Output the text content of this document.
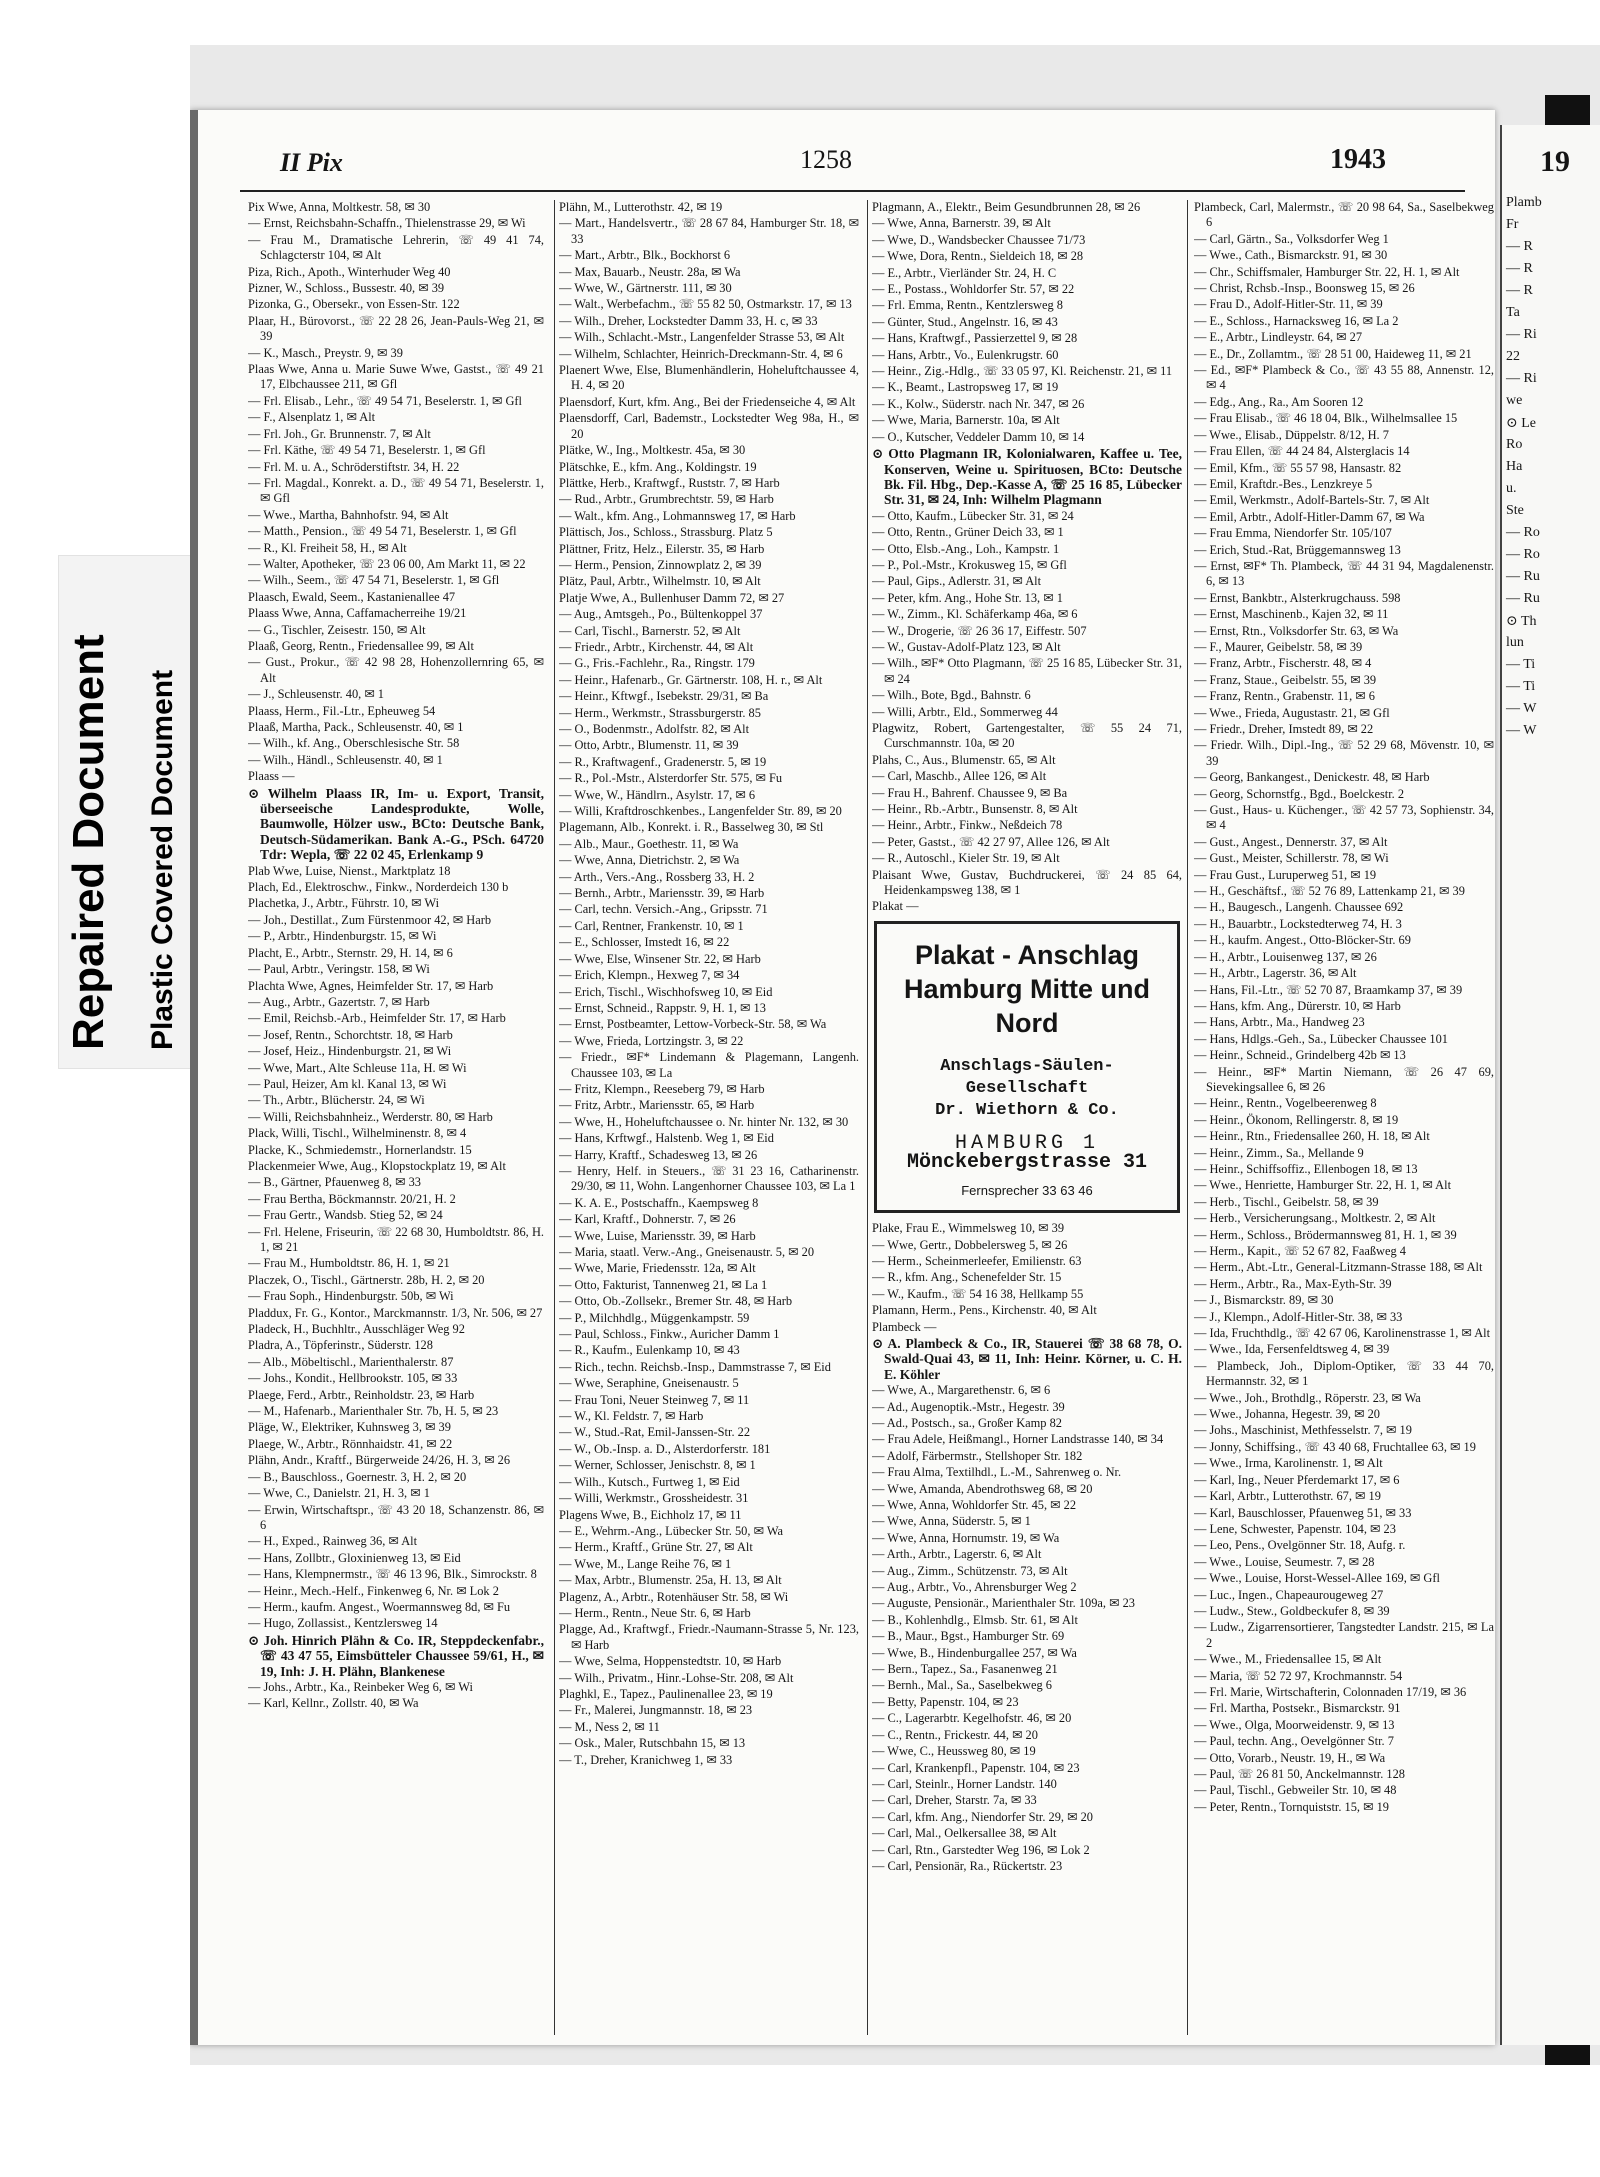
Repaired Document Plastic Covered Document
19
Plamb
Fr
— R
— R
— R
Ta
— Ri
22
— Ri
we
⊙ Le
Ro
Ha
u.
Ste
— Ro
— Ro
— Ru
— Ru
⊙ Th
lun
— Ti
— Ti
— W
— W
II Pix	1258	1943
Pix Wwe, Anna, Moltkestr. 58, ✉ 30
— Ernst, Reichsbahn-Schaffn., Thielenstrasse 29, ✉ Wi
— Frau M., Dramatische Lehrerin, ☏ 49 41 74, Schlagcterstr 104, ✉ Alt
Piza, Rich., Apoth., Winterhuder Weg 40
Pizner, W., Schloss., Bussestr. 40, ✉ 39
Pizonka, G., Obersekr., von Essen-Str. 122
Plaar, H., Bürovorst., ☏ 22 28 26, Jean-Pauls-Weg 21, ✉ 39
— K., Masch., Preystr. 9, ✉ 39
Plaas Wwe, Anna u. Marie Suwe Wwe, Gastst., ☏ 49 21 17, Elbchaussee 211, ✉ Gfl
— Frl. Elisab., Lehr., ☏ 49 54 71, Beselerstr. 1, ✉ Gfl
— F., Alsenplatz 1, ✉ Alt
— Frl. Joh., Gr. Brunnenstr. 7, ✉ Alt
— Frl. Käthe, ☏ 49 54 71, Beselerstr. 1, ✉ Gfl
— Frl. M. u. A., Schröderstiftstr. 34, H. 22
— Frl. Magdal., Konrekt. a. D., ☏ 49 54 71, Beselerstr. 1, ✉ Gfl
— Wwe., Martha, Bahnhofstr. 94, ✉ Alt
— Matth., Pension., ☏ 49 54 71, Beselerstr. 1, ✉ Gfl
— R., Kl. Freiheit 58, H., ✉ Alt
— Walter, Apotheker, ☏ 23 06 00, Am Markt 11, ✉ 22
— Wilh., Seem., ☏ 47 54 71, Beselerstr. 1, ✉ Gfl
Plaasch, Ewald, Seem., Kastanienallee 47
Plaass Wwe, Anna, Caffamacherreihe 19/21
— G., Tischler, Zeisestr. 150, ✉ Alt
Plaaß, Georg, Rentn., Friedensallee 99, ✉ Alt
— Gust., Prokur., ☏ 42 98 28, Hohenzollernring 65, ✉ Alt
— J., Schleusenstr. 40, ✉ 1
Plaass, Herm., Fil.-Ltr., Epheuweg 54
Plaaß, Martha, Pack., Schleusenstr. 40, ✉ 1
— Wilh., kf. Ang., Oberschlesische Str. 58
— Wilh., Händl., Schleusenstr. 40, ✉ 1
Plaass —
⊙ Wilhelm Plaass IR, Im- u. Export, Transit, überseeische Landesprodukte, Wolle, Baumwolle, Hölzer usw., BCto: Deutsche Bank, Deutsch-Südamerikan. Bank A.-G., PSch. 64720 Tdr: Wepla, ☏ 22 02 45, Erlenkamp 9
Plab Wwe, Luise, Nienst., Marktplatz 18
Plach, Ed., Elektroschw., Finkw., Norderdeich 130 b
Plachetka, J., Arbtr., Führstr. 10, ✉ Wi
— Joh., Destillat., Zum Fürstenmoor 42, ✉ Harb
— P., Arbtr., Hindenburgstr. 15, ✉ Wi
Placht, E., Arbtr., Sternstr. 29, H. 14, ✉ 6
— Paul, Arbtr., Veringstr. 158, ✉ Wi
Plachta Wwe, Agnes, Heimfelder Str. 17, ✉ Harb
— Aug., Arbtr., Gazertstr. 7, ✉ Harb
— Emil, Reichsb.-Arb., Heimfelder Str. 17, ✉ Harb
— Josef, Rentn., Schorchtstr. 18, ✉ Harb
— Josef, Heiz., Hindenburgstr. 21, ✉ Wi
— Wwe, Mart., Alte Schleuse 11a, H. ✉ Wi
— Paul, Heizer, Am kl. Kanal 13, ✉ Wi
— Th., Arbtr., Blücherstr. 24, ✉ Wi
— Willi, Reichsbahnheiz., Werderstr. 80, ✉ Harb
Plack, Willi, Tischl., Wilhelminenstr. 8, ✉ 4
Placke, K., Schmiedemstr., Hornerlandstr. 15
Plackenmeier Wwe, Aug., Klopstockplatz 19, ✉ Alt
— B., Gärtner, Pfauenweg 8, ✉ 33
— Frau Bertha, Böckmannstr. 20/21, H. 2
— Frau Gertr., Wandsb. Stieg 52, ✉ 24
— Frl. Helene, Friseurin, ☏ 22 68 30, Humboldtstr. 86, H. 1, ✉ 21
— Frau M., Humboldtstr. 86, H. 1, ✉ 21
Placzek, O., Tischl., Gärtnerstr. 28b, H. 2, ✉ 20
— Frau Soph., Hindenburgstr. 50b, ✉ Wi
Pladdux, Fr. G., Kontor., Marckmannstr. 1/3, Nr. 506, ✉ 27
Pladeck, H., Buchhltr., Ausschläger Weg 92
Pladra, A., Töpferinstr., Süderstr. 128
— Alb., Möbeltischl., Marienthalerstr. 87
— Johs., Kondit., Hellbrookstr. 105, ✉ 33
Plaege, Ferd., Arbtr., Reinholdstr. 23, ✉ Harb
— M., Hafenarb., Marienthaler Str. 7b, H. 5, ✉ 23
Pläge, W., Elektriker, Kuhnsweg 3, ✉ 39
Plaege, W., Arbtr., Rönnhaidstr. 41, ✉ 22
Plähn, Andr., Kraftf., Bürgerweide 24/26, H. 3, ✉ 26
— B., Bauschloss., Goernestr. 3, H. 2, ✉ 20
— Wwe, C., Danielstr. 21, H. 3, ✉ 1
— Erwin, Wirtschaftspr., ☏ 43 20 18, Schanzenstr. 86, ✉ 6
— H., Exped., Rainweg 36, ✉ Alt
— Hans, Zollbtr., Gloxinienweg 13, ✉ Eid
— Hans, Klempnermstr., ☏ 46 13 96, Blk., Simrockstr. 8
— Heinr., Mech.-Helf., Finkenweg 6, Nr. ✉ Lok 2
— Herm., kaufm. Angest., Woermannsweg 8d, ✉ Fu
— Hugo, Zollassist., Kentzlersweg 14
⊙ Joh. Hinrich Plähn & Co. IR, Steppdeckenfabr., ☏ 43 47 55, Eimsbütteler Chaussee 59/61, H., ✉ 19, Inh: J. H. Plähn, Blankenese
— Johs., Arbtr., Ka., Reinbeker Weg 6, ✉ Wi
— Karl, Kellnr., Zollstr. 40, ✉ Wa
Plähn, M., Lutterothstr. 42, ✉ 19
— Mart., Handelsvertr., ☏ 28 67 84, Hamburger Str. 18, ✉ 33
— Mart., Arbtr., Blk., Bockhorst 6
— Max, Bauarb., Neustr. 28a, ✉ Wa
— Wwe, W., Gärtnerstr. 111, ✉ 30
— Walt., Werbefachm., ☏ 55 82 50, Ostmarkstr. 17, ✉ 13
— Wilh., Dreher, Lockstedter Damm 33, H. c, ✉ 33
— Wilh., Schlacht.-Mstr., Langenfelder Strasse 53, ✉ Alt
— Wilhelm, Schlachter, Heinrich-Dreckmann-Str. 4, ✉ 6
Plaenert Wwe, Else, Blumenhändlerin, Hoheluftchaussee 4, H. 4, ✉ 20
Plaensdorf, Kurt, kfm. Ang., Bei der Friedenseiche 4, ✉ Alt
Plaensdorff, Carl, Bademstr., Lockstedter Weg 98a, H., ✉ 20
Plätke, W., Ing., Moltkestr. 45a, ✉ 30
Plätschke, E., kfm. Ang., Koldingstr. 19
Plättke, Herb., Kraftwgf., Ruststr. 7, ✉ Harb
— Rud., Arbtr., Grumbrechtstr. 59, ✉ Harb
— Walt., kfm. Ang., Lohmannsweg 17, ✉ Harb
Plättisch, Jos., Schloss., Strassburg. Platz 5
Plättner, Fritz, Helz., Eilerstr. 35, ✉ Harb
— Herm., Pension, Zinnowplatz 2, ✉ 39
Plätz, Paul, Arbtr., Wilhelmstr. 10, ✉ Alt
Platje Wwe, A., Bullenhuser Damm 72, ✉ 27
— Aug., Amtsgeh., Po., Bültenkoppel 37
— Carl, Tischl., Barnerstr. 52, ✉ Alt
— Friedr., Arbtr., Kirchenstr. 44, ✉ Alt
— G., Fris.-Fachlehr., Ra., Ringstr. 179
— Heinr., Hafenarb., Gr. Gärtnerstr. 108, H. r., ✉ Alt
— Heinr., Kftwgf., Isebekstr. 29/31, ✉ Ba
— Herm., Werkmstr., Strassburgerstr. 85
— O., Bodenmstr., Adolfstr. 82, ✉ Alt
— Otto, Arbtr., Blumenstr. 11, ✉ 39
— R., Kraftwagenf., Gradenerstr. 5, ✉ 19
— R., Pol.-Mstr., Alsterdorfer Str. 575, ✉ Fu
— Wwe, W., Händlrn., Asylstr. 17, ✉ 6
— Willi, Kraftdroschkenbes., Langenfelder Str. 89, ✉ 20
Plagemann, Alb., Konrekt. i. R., Basselweg 30, ✉ Stl
— Alb., Maur., Goethestr. 11, ✉ Wa
— Wwe, Anna, Dietrichstr. 2, ✉ Wa
— Arth., Vers.-Ang., Rossberg 33, H. 2
— Bernh., Arbtr., Mariensstr. 39, ✉ Harb
— Carl, techn. Versich.-Ang., Gripsstr. 71
— Carl, Rentner, Frankenstr. 10, ✉ 1
— E., Schlosser, Imstedt 16, ✉ 22
— Wwe, Else, Winsener Str. 22, ✉ Harb
— Erich, Klempn., Hexweg 7, ✉ 34
— Erich, Tischl., Wischhofsweg 10, ✉ Eid
— Ernst, Schneid., Rappstr. 9, H. 1, ✉ 13
— Ernst, Postbeamter, Lettow-Vorbeck-Str. 58, ✉ Wa
— Wwe, Frieda, Lortzingstr. 3, ✉ 22
— Friedr., ✉F* Lindemann & Plagemann, Langenh. Chaussee 103, ✉ La
— Fritz, Klempn., Reeseberg 79, ✉ Harb
— Fritz, Arbtr., Mariensstr. 65, ✉ Harb
— Wwe, H., Hoheluftchaussee o. Nr. hinter Nr. 132, ✉ 30
— Hans, Krftwgf., Halstenb. Weg 1, ✉ Eid
— Harry, Kraftf., Schadesweg 13, ✉ 26
— Henry, Helf. in Steuers., ☏ 31 23 16, Catharinenstr. 29/30, ✉ 11, Wohn. Langenhorner Chaussee 103, ✉ La 1
— K. A. E., Postschaffn., Kaempsweg 8
— Karl, Kraftf., Dohnerstr. 7, ✉ 26
— Wwe, Luise, Mariensstr. 39, ✉ Harb
— Maria, staatl. Verw.-Ang., Gneisenaustr. 5, ✉ 20
— Wwe, Marie, Friedensstr. 12a, ✉ Alt
— Otto, Fakturist, Tannenweg 21, ✉ La 1
— Otto, Ob.-Zollsekr., Bremer Str. 48, ✉ Harb
— P., Milchhdlg., Müggenkampstr. 59
— Paul, Schloss., Finkw., Auricher Damm 1
— R., Kaufm., Eulenkamp 10, ✉ 43
— Rich., techn. Reichsb.-Insp., Dammstrasse 7, ✉ Eid
— Wwe, Seraphine, Gneisenaustr. 5
— Frau Toni, Neuer Steinweg 7, ✉ 11
— W., Kl. Feldstr. 7, ✉ Harb
— W., Stud.-Rat, Emil-Janssen-Str. 22
— W., Ob.-Insp. a. D., Alsterdorferstr. 181
— Werner, Schlosser, Jenischstr. 8, ✉ 1
— Wilh., Kutsch., Furtweg 1, ✉ Eid
— Willi, Werkmstr., Grossheidestr. 31
Plagens Wwe, B., Eichholz 17, ✉ 11
— E., Wehrm.-Ang., Lübecker Str. 50, ✉ Wa
— Herm., Kraftf., Grüne Str. 27, ✉ Alt
— Wwe, M., Lange Reihe 76, ✉ 1
— Max, Arbtr., Blumenstr. 25a, H. 13, ✉ Alt
Plagenz, A., Arbtr., Rotenhäuser Str. 58, ✉ Wi
— Herm., Rentn., Neue Str. 6, ✉ Harb
Plagge, Ad., Kraftwgf., Friedr.-Naumann-Strasse 5, Nr. 123, ✉ Harb
— Wwe, Selma, Hoppenstedtstr. 10, ✉ Harb
— Wilh., Privatm., Hinr.-Lohse-Str. 208, ✉ Alt
Plaghkl, E., Tapez., Paulinenallee 23, ✉ 19
— Fr., Malerei, Jungmannstr. 18, ✉ 23
— M., Ness 2, ✉ 11
— Osk., Maler, Rutschbahn 15, ✉ 13
— T., Dreher, Kranichweg 1, ✉ 33
Plagmann, A., Elektr., Beim Gesundbrunnen 28, ✉ 26
— Wwe, Anna, Barnerstr. 39, ✉ Alt
— Wwe, D., Wandsbecker Chaussee 71/73
— Wwe, Dora, Rentn., Sieldeich 18, ✉ 28
— E., Arbtr., Vierländer Str. 24, H. C
— E., Postass., Wohldorfer Str. 57, ✉ 22
— Frl. Emma, Rentn., Kentzlersweg 8
— Günter, Stud., Angelnstr. 16, ✉ 43
— Hans, Kraftwgf., Passierzettel 9, ✉ 28
— Hans, Arbtr., Vo., Eulenkrugstr. 60
— Heinr., Zig.-Hdlg., ☏ 33 05 97, Kl. Reichenstr. 21, ✉ 11
— K., Beamt., Lastropsweg 17, ✉ 19
— K., Kolw., Süderstr. nach Nr. 347, ✉ 26
— Wwe, Maria, Barnerstr. 10a, ✉ Alt
— O., Kutscher, Veddeler Damm 10, ✉ 14
⊙ Otto Plagmann IR, Kolonialwaren, Kaffee u. Tee, Konserven, Weine u. Spirituosen, BCto: Deutsche Bk. Fil. Hbg., Dep.-Kasse A, ☏ 25 16 85, Lübecker Str. 31, ✉ 24, Inh: Wilhelm Plagmann
— Otto, Kaufm., Lübecker Str. 31, ✉ 24
— Otto, Rentn., Grüner Deich 33, ✉ 1
— Otto, Elsb.-Ang., Loh., Kampstr. 1
— P., Pol.-Mstr., Krokusweg 15, ✉ Gfl
— Paul, Gips., Adlerstr. 31, ✉ Alt
— Peter, kfm. Ang., Hohe Str. 13, ✉ 1
— W., Zimm., Kl. Schäferkamp 46a, ✉ 6
— W., Drogerie, ☏ 26 36 17, Eiffestr. 507
— W., Gustav-Adolf-Platz 123, ✉ Alt
— Wilh., ✉F* Otto Plagmann, ☏ 25 16 85, Lübecker Str. 31, ✉ 24
— Wilh., Bote, Bgd., Bahnstr. 6
— Willi, Arbtr., Eld., Sommerweg 44
Plagwitz, Robert, Gartengestalter, ☏ 55 24 71, Curschmannstr. 10a, ✉ 20
Plahs, C., Aus., Blumenstr. 65, ✉ Alt
— Carl, Maschb., Allee 126, ✉ Alt
— Frau H., Bahrenf. Chaussee 9, ✉ Ba
— Heinr., Rb.-Arbtr., Bunsenstr. 8, ✉ Alt
— Heinr., Arbtr., Finkw., Neßdeich 78
— Peter, Gastst., ☏ 42 27 97, Allee 126, ✉ Alt
— R., Autoschl., Kieler Str. 19, ✉ Alt
Plaisant Wwe, Gustav, Buchdruckerei, ☏ 24 85 64, Heidenkampsweg 138, ✉ 1
Plakat —
Plakat - Anschlag Hamburg Mitte und Nord
Anschlags-Säulen-
Gesellschaft
Dr. Wiethorn & Co.
HAMBURG 1
Mönckebergstrasse 31
Fernsprecher 33 63 46
Plake, Frau E., Wimmelsweg 10, ✉ 39
— Wwe, Gertr., Dobbelersweg 5, ✉ 26
— Herm., Scheinmerleefer, Emilienstr. 63
— R., kfm. Ang., Schenefelder Str. 15
— W., Kaufm., ☏ 54 16 38, Hellkamp 55
Plamann, Herm., Pens., Kirchenstr. 40, ✉ Alt
Plambeck —
⊙ A. Plambeck & Co., IR, Stauerei ☏ 38 68 78, O. Swald-Quai 43, ✉ 11, Inh: Heinr. Körner, u. C. H. E. Köhler
— Wwe, A., Margarethenstr. 6, ✉ 6
— Ad., Augenoptik.-Mstr., Hegestr. 39
— Ad., Postsch., sa., Großer Kamp 82
— Frau Adele, Heißmangl., Horner Landstrasse 140, ✉ 34
— Adolf, Färbermstr., Stellshoper Str. 182
— Frau Alma, Textilhdl., L.-M., Sahrenweg o. Nr.
— Wwe, Amanda, Abendrothsweg 68, ✉ 20
— Wwe, Anna, Wohldorfer Str. 45, ✉ 22
— Wwe, Anna, Süderstr. 5, ✉ 1
— Wwe, Anna, Hornumstr. 19, ✉ Wa
— Arth., Arbtr., Lagerstr. 6, ✉ Alt
— Aug., Zimm., Schützenstr. 73, ✉ Alt
— Aug., Arbtr., Vo., Ahrensburger Weg 2
— Auguste, Pensionär., Marienthaler Str. 109a, ✉ 23
— B., Kohlenhdlg., Elmsb. Str. 61, ✉ Alt
— B., Maur., Bgst., Hamburger Str. 69
— Wwe, B., Hindenburgallee 257, ✉ Wa
— Bern., Tapez., Sa., Fasanenweg 21
— Bernh., Mal., Sa., Saselbekweg 6
— Betty, Papenstr. 104, ✉ 23
— C., Lagerarbtr. Kegelhofstr. 46, ✉ 20
— C., Rentn., Frickestr. 44, ✉ 20
— Wwe, C., Heussweg 80, ✉ 19
— Carl, Krankenpfl., Papenstr. 104, ✉ 23
— Carl, Steinlr., Horner Landstr. 140
— Carl, Dreher, Starstr. 7a, ✉ 33
— Carl, kfm. Ang., Niendorfer Str. 29, ✉ 20
— Carl, Mal., Oelkersallee 38, ✉ Alt
— Carl, Rtn., Garstedter Weg 196, ✉ Lok 2
— Carl, Pensionär, Ra., Rückertstr. 23
Plambeck, Carl, Malermstr., ☏ 20 98 64, Sa., Saselbekweg 6
— Carl, Gärtn., Sa., Volksdorfer Weg 1
— Wwe., Cath., Bismarckstr. 91, ✉ 30
— Chr., Schiffsmaler, Hamburger Str. 22, H. 1, ✉ Alt
— Christ, Rchsb.-Insp., Boonsweg 15, ✉ 26
— Frau D., Adolf-Hitler-Str. 11, ✉ 39
— E., Schloss., Harnacksweg 16, ✉ La 2
— E., Arbtr., Lindleystr. 64, ✉ 27
— E., Dr., Zollamtm., ☏ 28 51 00, Haideweg 11, ✉ 21
— Ed., ✉F* Plambeck & Co., ☏ 43 55 88, Annenstr. 12, ✉ 4
— Edg., Ang., Ra., Am Sooren 12
— Frau Elisab., ☏ 46 18 04, Blk., Wilhelmsallee 15
— Wwe., Elisab., Düppelstr. 8/12, H. 7
— Frau Ellen, ☏ 44 24 84, Alsterglacis 14
— Emil, Kfm., ☏ 55 57 98, Hansastr. 82
— Emil, Kraftdr.-Bes., Lenzkreye 5
— Emil, Werkmstr., Adolf-Bartels-Str. 7, ✉ Alt
— Emil, Arbtr., Adolf-Hitler-Damm 67, ✉ Wa
— Frau Emma, Niendorfer Str. 105/107
— Erich, Stud.-Rat, Brüggemannsweg 13
— Ernst, ✉F* Th. Plambeck, ☏ 44 31 94, Magdalenenstr. 6, ✉ 13
— Ernst, Bankbtr., Alsterkrugchauss. 598
— Ernst, Maschinenb., Kajen 32, ✉ 11
— Ernst, Rtn., Volksdorfer Str. 63, ✉ Wa
— F., Maurer, Geibelstr. 58, ✉ 39
— Franz, Arbtr., Fischerstr. 48, ✉ 4
— Franz, Staue., Geibelstr. 55, ✉ 39
— Franz, Rentn., Grabenstr. 11, ✉ 6
— Wwe., Frieda, Augustastr. 21, ✉ Gfl
— Friedr., Dreher, Imstedt 89, ✉ 22
— Friedr. Wilh., Dipl.-Ing., ☏ 52 29 68, Mövenstr. 10, ✉ 39
— Georg, Bankangest., Denickestr. 48, ✉ Harb
— Georg, Schornstfg., Bgd., Boelckestr. 2
— Gust., Haus- u. Küchenger., ☏ 42 57 73, Sophienstr. 34, ✉ 4
— Gust., Angest., Dennerstr. 37, ✉ Alt
— Gust., Meister, Schillerstr. 78, ✉ Wi
— Frau Gust., Luruperweg 51, ✉ 19
— H., Geschäftsf., ☏ 52 76 89, Lattenkamp 21, ✉ 39
— H., Baugesch., Langenh. Chaussee 692
— H., Bauarbtr., Lockstedterweg 74, H. 3
— H., kaufm. Angest., Otto-Blöcker-Str. 69
— H., Arbtr., Louisenweg 137, ✉ 26
— H., Arbtr., Lagerstr. 36, ✉ Alt
— Hans, Fil.-Ltr., ☏ 52 70 87, Braamkamp 37, ✉ 39
— Hans, kfm. Ang., Dürerstr. 10, ✉ Harb
— Hans, Arbtr., Ma., Handweg 23
— Hans, Hdlgs.-Geh., Sa., Lübecker Chaussee 101
— Heinr., Schneid., Grindelberg 42b ✉ 13
— Heinr., ✉F* Martin Niemann, ☏ 26 47 69, Sievekingsallee 6, ✉ 26
— Heinr., Rentn., Vogelbeerenweg 8
— Heinr., Ökonom, Rellingerstr. 8, ✉ 19
— Heinr., Rtn., Friedensallee 260, H. 18, ✉ Alt
— Heinr., Zimm., Sa., Mellande 9
— Heinr., Schiffsoffiz., Ellenbogen 18, ✉ 13
— Wwe., Henriette, Hamburger Str. 22, H. 1, ✉ Alt
— Herb., Tischl., Geibelstr. 58, ✉ 39
— Herb., Versicherungsang., Moltkestr. 2, ✉ Alt
— Herm., Schloss., Brödermannsweg 81, H. 1, ✉ 39
— Herm., Kapit., ☏ 52 67 82, Faaßweg 4
— Herm., Abt.-Ltr., General-Litzmann-Strasse 188, ✉ Alt
— Herm., Arbtr., Ra., Max-Eyth-Str. 39
— J., Bismarckstr. 89, ✉ 30
— J., Klempn., Adolf-Hitler-Str. 38, ✉ 33
— Ida, Fruchthdlg., ☏ 42 67 06, Karolinenstrasse 1, ✉ Alt
— Wwe., Ida, Fersenfeldtsweg 4, ✉ 39
— Plambeck, Joh., Diplom-Optiker, ☏ 33 44 70, Hermannstr. 32, ✉ 1
— Wwe., Joh., Brothdlg., Röperstr. 23, ✉ Wa
— Wwe., Johanna, Hegestr. 39, ✉ 20
— Johs., Maschinist, Methfesselstr. 7, ✉ 19
— Jonny, Schiffsing., ☏ 43 40 68, Fruchtallee 63, ✉ 19
— Wwe., Irma, Karolinenstr. 1, ✉ Alt
— Karl, Ing., Neuer Pferdemarkt 17, ✉ 6
— Karl, Arbtr., Lutterothstr. 67, ✉ 19
— Karl, Bauschlosser, Pfauenweg 51, ✉ 33
— Lene, Schwester, Papenstr. 104, ✉ 23
— Leo, Pens., Ovelgönner Str. 18, Aufg. r.
— Wwe., Louise, Seumestr. 7, ✉ 28
— Wwe., Louise, Horst-Wessel-Allee 169, ✉ Gfl
— Luc., Ingen., Chapeaurougeweg 27
— Ludw., Stew., Goldbeckufer 8, ✉ 39
— Ludw., Zigarrensortierer, Tangstedter Landstr. 215, ✉ La 2
— Wwe., M., Friedensallee 15, ✉ Alt
— Maria, ☏ 52 72 97, Krochmannstr. 54
— Frl. Marie, Wirtschafterin, Colonnaden 17/19, ✉ 36
— Frl. Martha, Postsekr., Bismarckstr. 91
— Wwe., Olga, Moorweidenstr. 9, ✉ 13
— Paul, techn. Ang., Oevelgönner Str. 7
— Otto, Vorarb., Neustr. 19, H., ✉ Wa
— Paul, ☏ 26 81 50, Anckelmannstr. 128
— Paul, Tischl., Gebweiler Str. 10, ✉ 48
— Peter, Rentn., Tornquiststr. 15, ✉ 19
